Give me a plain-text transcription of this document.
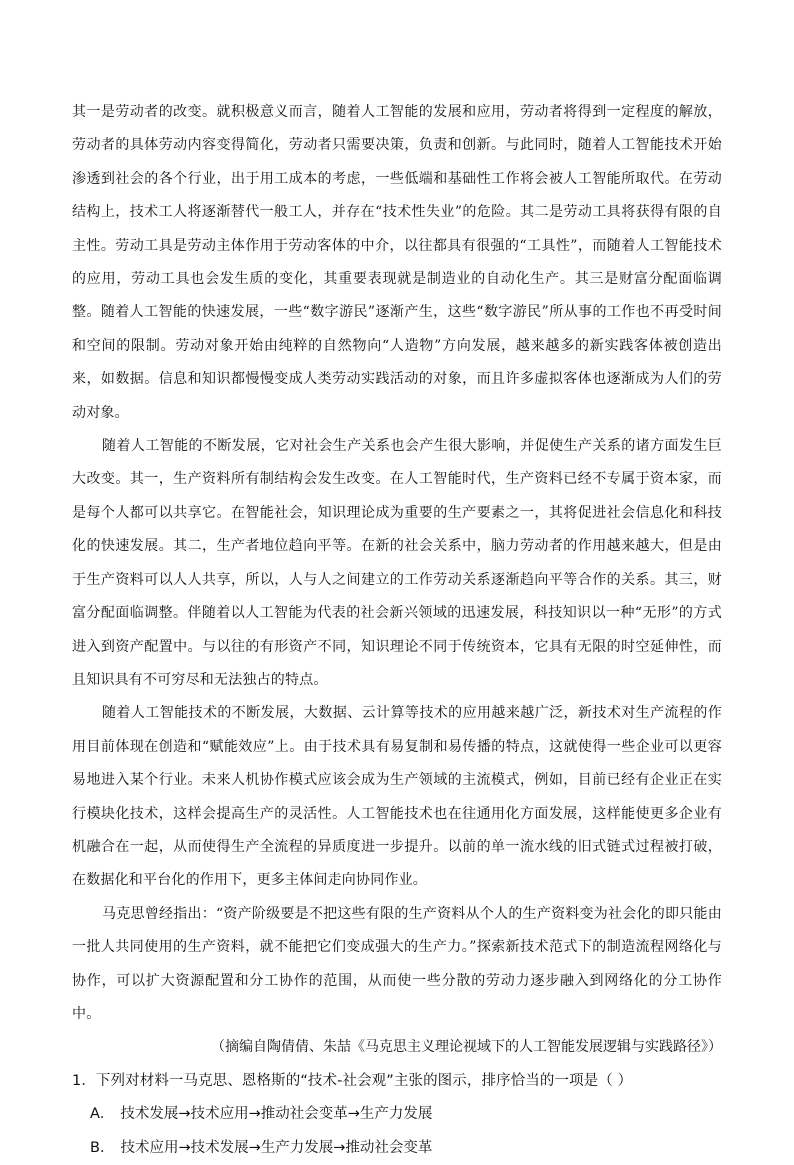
其一是劳动者的改变。就积极意义而言，随着人工智能的发展和应用，劳动者将得到一定程度的解放，劳动者的具体劳动内容变得简化，劳动者只需要决策，负责和创新。与此同时，随着人工智能技术开始渗透到社会的各个行业，出于用工成本的考虑，一些低端和基础性工作将会被人工智能所取代。在劳动结构上，技术工人将逐渐替代一般工人，并存在“技术性失业”的危险。其二是劳动工具将获得有限的自主性。劳动工具是劳动主体作用于劳动客体的中介，以往都具有很强的“工具性”，而随着人工智能技术的应用，劳动工具也会发生质的变化，其重要表现就是制造业的自动化生产。其三是财富分配面临调整。随着人工智能的快速发展，一些“数字游民”逐渐产生，这些“数字游民”所从事的工作也不再受时间和空间的限制。劳动对象开始由纯粹的自然物向“人造物”方向发展，越来越多的新实践客体被创造出来，如数据。信息和知识都慢慢变成人类劳动实践活动的对象，而且许多虚拟客体也逐渐成为人们的劳动对象。

随着人工智能的不断发展，它对社会生产关系也会产生很大影响，并促使生产关系的诸方面发生巨大改变。其一，生产资料所有制结构会发生改变。在人工智能时代，生产资料已经不专属于资本家，而是每个人都可以共享它。在智能社会，知识理论成为重要的生产要素之一，其将促进社会信息化和科技化的快速发展。其二，生产者地位趋向平等。在新的社会关系中，脑力劳动者的作用越来越大，但是由于生产资料可以人人共享，所以，人与人之间建立的工作劳动关系逐渐趋向平等合作的关系。其三，财富分配面临调整。伴随着以人工智能为代表的社会新兴领域的迅速发展，科技知识以一种“无形”的方式进入到资产配置中。与以往的有形资产不同，知识理论不同于传统资本，它具有无限的时空延伸性，而且知识具有不可穷尽和无法独占的特点。

随着人工智能技术的不断发展，大数据、云计算等技术的应用越来越广泛，新技术对生产流程的作用目前体现在创造和“赋能效应”上。由于技术具有易复制和易传播的特点，这就使得一些企业可以更容易地进入某个行业。未来人机协作模式应该会成为生产领域的主流模式，例如，目前已经有企业正在实行模块化技术，这样会提高生产的灵活性。人工智能技术也在往通用化方面发展，这样能使更多企业有机融合在一起，从而使得生产全流程的异质度进一步提升。以前的单一流水线的旧式链式过程被打破，在数据化和平台化的作用下，更多主体间走向协同作业。

马克思曾经指出：“资产阶级要是不把这些有限的生产资料从个人的生产资料变为社会化的即只能由一批人共同使用的生产资料，就不能把它们变成强大的生产力。”探索新技术范式下的制造流程网络化与协作，可以扩大资源配置和分工协作的范围，从而使一些分散的劳动力逐步融入到网络化的分工协作中。

（摘编自陶倩倩、朱喆《马克思主义理论视域下的人工智能发展逻辑与实践路径》）

1．下列对材料一马克思、恩格斯的“技术-社会观”主张的图示，排序恰当的一项是（ ）

A． 技术发展→技术应用→推动社会变革→生产力发展

B． 技术应用→技术发展→生产力发展→推动社会变革
